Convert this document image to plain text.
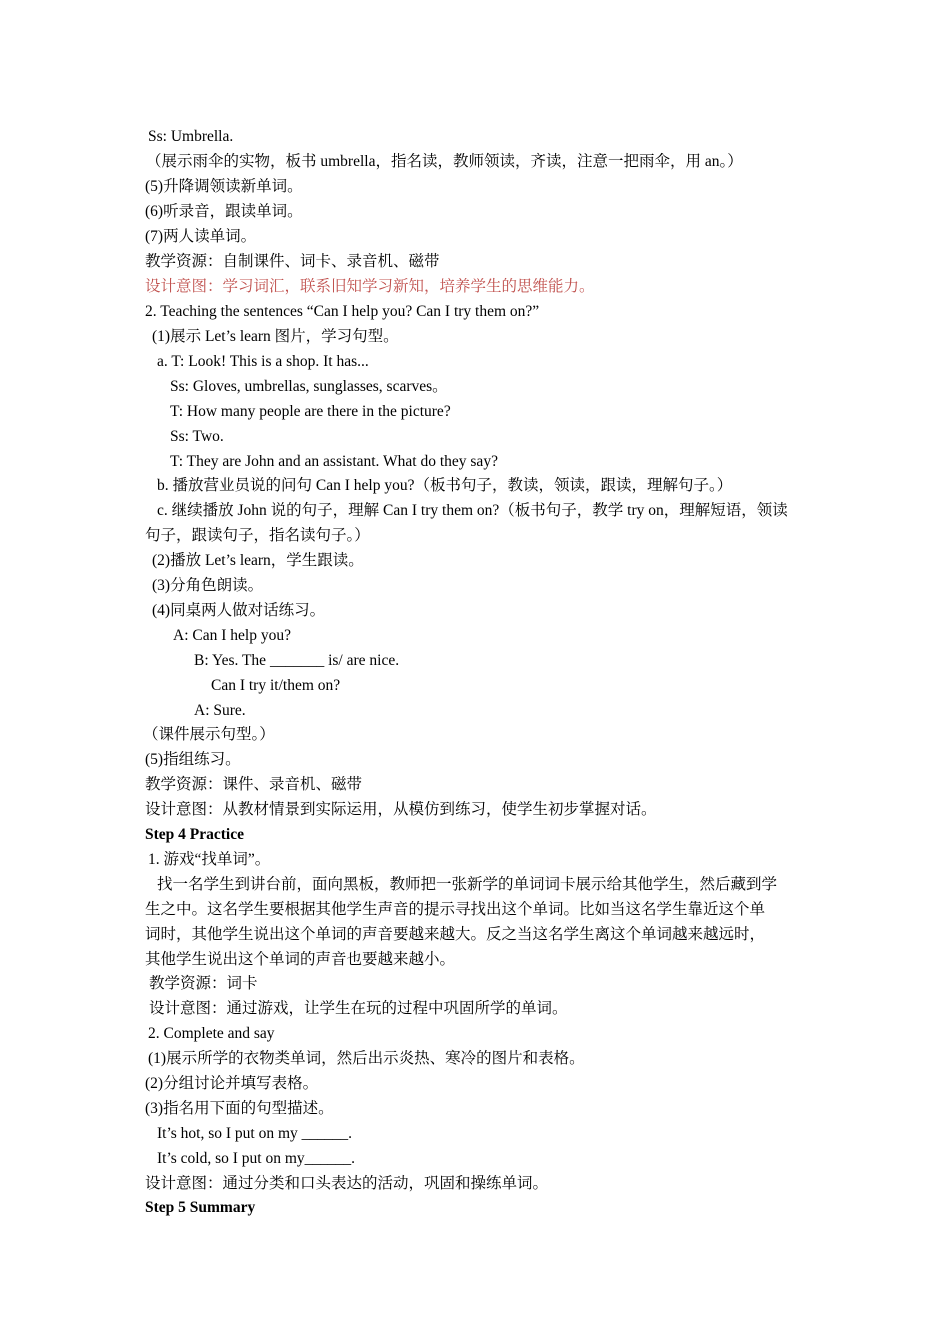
Ss: Umbrella.
（展示雨伞的实物，板书 umbrella，指名读，教师领读，齐读，注意一把雨伞，用 an。）
(5)升降调领读新单词。
(6)听录音，跟读单词。
(7)两人读单词。
教学资源：自制课件、词卡、录音机、磁带
设计意图：学习词汇，联系旧知学习新知，培养学生的思维能力。
2. Teaching the sentences “Can I help you? Can I try them on?”
(1)展示 Let’s learn 图片，学习句型。
a. T: Look! This is a shop. It has...
Ss: Gloves, umbrellas, sunglasses, scarves。
T: How many people are there in the picture?
Ss: Two.
T: They are John and an assistant. What do they say?
b. 播放营业员说的问句 Can I help you?（板书句子，教读，领读，跟读，理解句子。）
c. 继续播放 John 说的句子，理解 Can I try them on?（板书句子，教学 try on，理解短语，领读
句子，跟读句子，指名读句子。）
(2)播放 Let’s learn，学生跟读。
(3)分角色朗读。
(4)同桌两人做对话练习。
A: Can I help you?
B: Yes. The _______ is/ are nice.
Can I try it/them on?
A: Sure.
（课件展示句型。）
(5)指组练习。
教学资源：课件、录音机、磁带
设计意图：从教材情景到实际运用，从模仿到练习，使学生初步掌握对话。
Step 4 Practice
1. 游戏“找单词”。
找一名学生到讲台前，面向黑板，教师把一张新学的单词词卡展示给其他学生，然后藏到学
生之中。这名学生要根据其他学生声音的提示寻找出这个单词。比如当这名学生靠近这个单
词时，其他学生说出这个单词的声音要越来越大。反之当这名学生离这个单词越来越远时，
其他学生说出这个单词的声音也要越来越小。
教学资源：词卡
设计意图：通过游戏，让学生在玩的过程中巩固所学的单词。
2. Complete and say
(1)展示所学的衣物类单词，然后出示炎热、寒冷的图片和表格。
(2)分组讨论并填写表格。
(3)指名用下面的句型描述。
It’s hot, so I put on my ______.
It’s cold, so I put on my______.
设计意图：通过分类和口头表达的活动，巩固和操练单词。
Step 5 Summary
